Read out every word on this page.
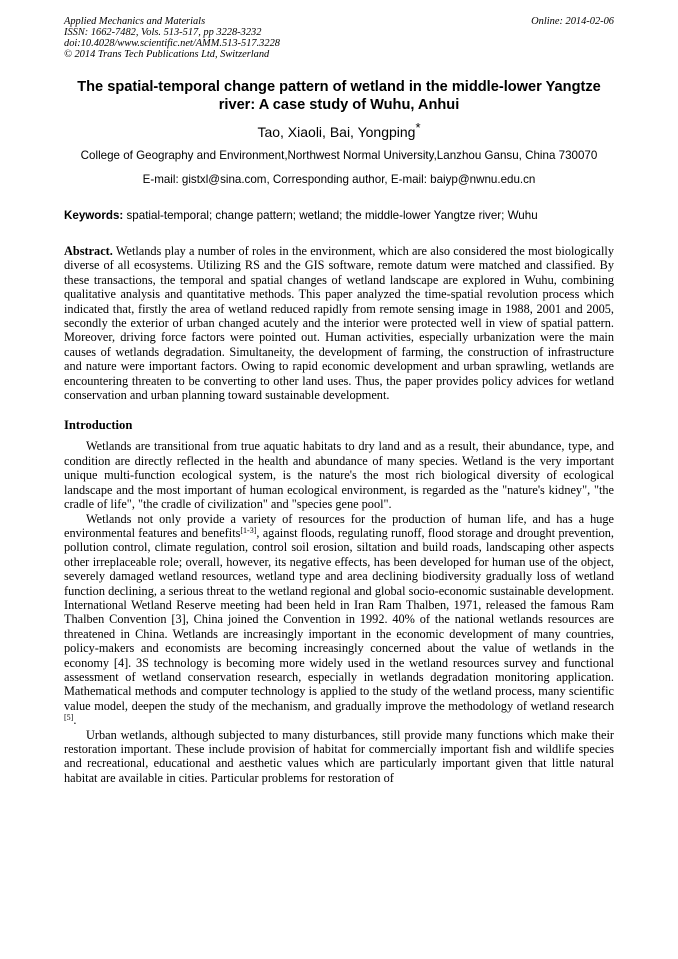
Applied Mechanics and Materials
ISSN: 1662-7482, Vols. 513-517, pp 3228-3232
doi:10.4028/www.scientific.net/AMM.513-517.3228
© 2014 Trans Tech Publications Ltd, Switzerland
Online: 2014-02-06
The spatial-temporal change pattern of wetland in the middle-lower Yangtze river: A case study of Wuhu, Anhui
Tao, Xiaoli, Bai, Yongping*
College of Geography and Environment,Northwest Normal University,Lanzhou Gansu, China 730070
E-mail: gistxl@sina.com, Corresponding author, E-mail: baiyp@nwnu.edu.cn
Keywords: spatial-temporal; change pattern; wetland; the middle-lower Yangtze river; Wuhu
Abstract. Wetlands play a number of roles in the environment, which are also considered the most biologically diverse of all ecosystems. Utilizing RS and the GIS software, remote datum were matched and classified. By these transactions, the temporal and spatial changes of wetland landscape are explored in Wuhu, combining qualitative analysis and quantitative methods. This paper analyzed the time-spatial revolution process which indicated that, firstly the area of wetland reduced rapidly from remote sensing image in 1988, 2001 and 2005, secondly the exterior of urban changed acutely and the interior were protected well in view of spatial pattern. Moreover, driving force factors were pointed out. Human activities, especially urbanization were the main causes of wetlands degradation. Simultaneity, the development of farming, the construction of infrastructure and nature were important factors. Owing to rapid economic development and urban sprawling, wetlands are encountering threaten to be converting to other land uses. Thus, the paper provides policy advices for wetland conservation and urban planning toward sustainable development.
Introduction

Wetlands are transitional from true aquatic habitats to dry land and as a result, their abundance, type, and condition are directly reflected in the health and abundance of many species. Wetland is the very important unique multi-function ecological system, is the nature's the most rich biological diversity of ecological landscape and the most important of human ecological environment, is regarded as the "nature's kidney", "the cradle of life", "the cradle of civilization" and "species gene pool".

Wetlands not only provide a variety of resources for the production of human life, and has a huge environmental features and benefits[1-3], against floods, regulating runoff, flood storage and drought prevention, pollution control, climate regulation, control soil erosion, siltation and build roads, landscaping other aspects other irreplaceable role; overall, however, its negative effects, has been developed for human use of the object, severely damaged wetland resources, wetland type and area declining biodiversity gradually loss of wetland function declining, a serious threat to the wetland regional and global socio-economic sustainable development. International Wetland Reserve meeting had been held in Iran Ram Thalben, 1971, released the famous Ram Thalben Convention [3], China joined the Convention in 1992. 40% of the national wetlands resources are threatened in China. Wetlands are increasingly important in the economic development of many countries, policy-makers and economists are becoming increasingly concerned about the value of wetlands in the economy [4]. 3S technology is becoming more widely used in the wetland resources survey and functional assessment of wetland conservation research, especially in wetlands degradation monitoring application. Mathematical methods and computer technology is applied to the study of the wetland process, many scientific value model, deepen the study of the mechanism, and gradually improve the methodology of wetland research [5].

Urban wetlands, although subjected to many disturbances, still provide many functions which make their restoration important. These include provision of habitat for commercially important fish and wildlife species and recreational, educational and aesthetic values which are particularly important given that little natural habitat are available in cities. Particular problems for restoration of
